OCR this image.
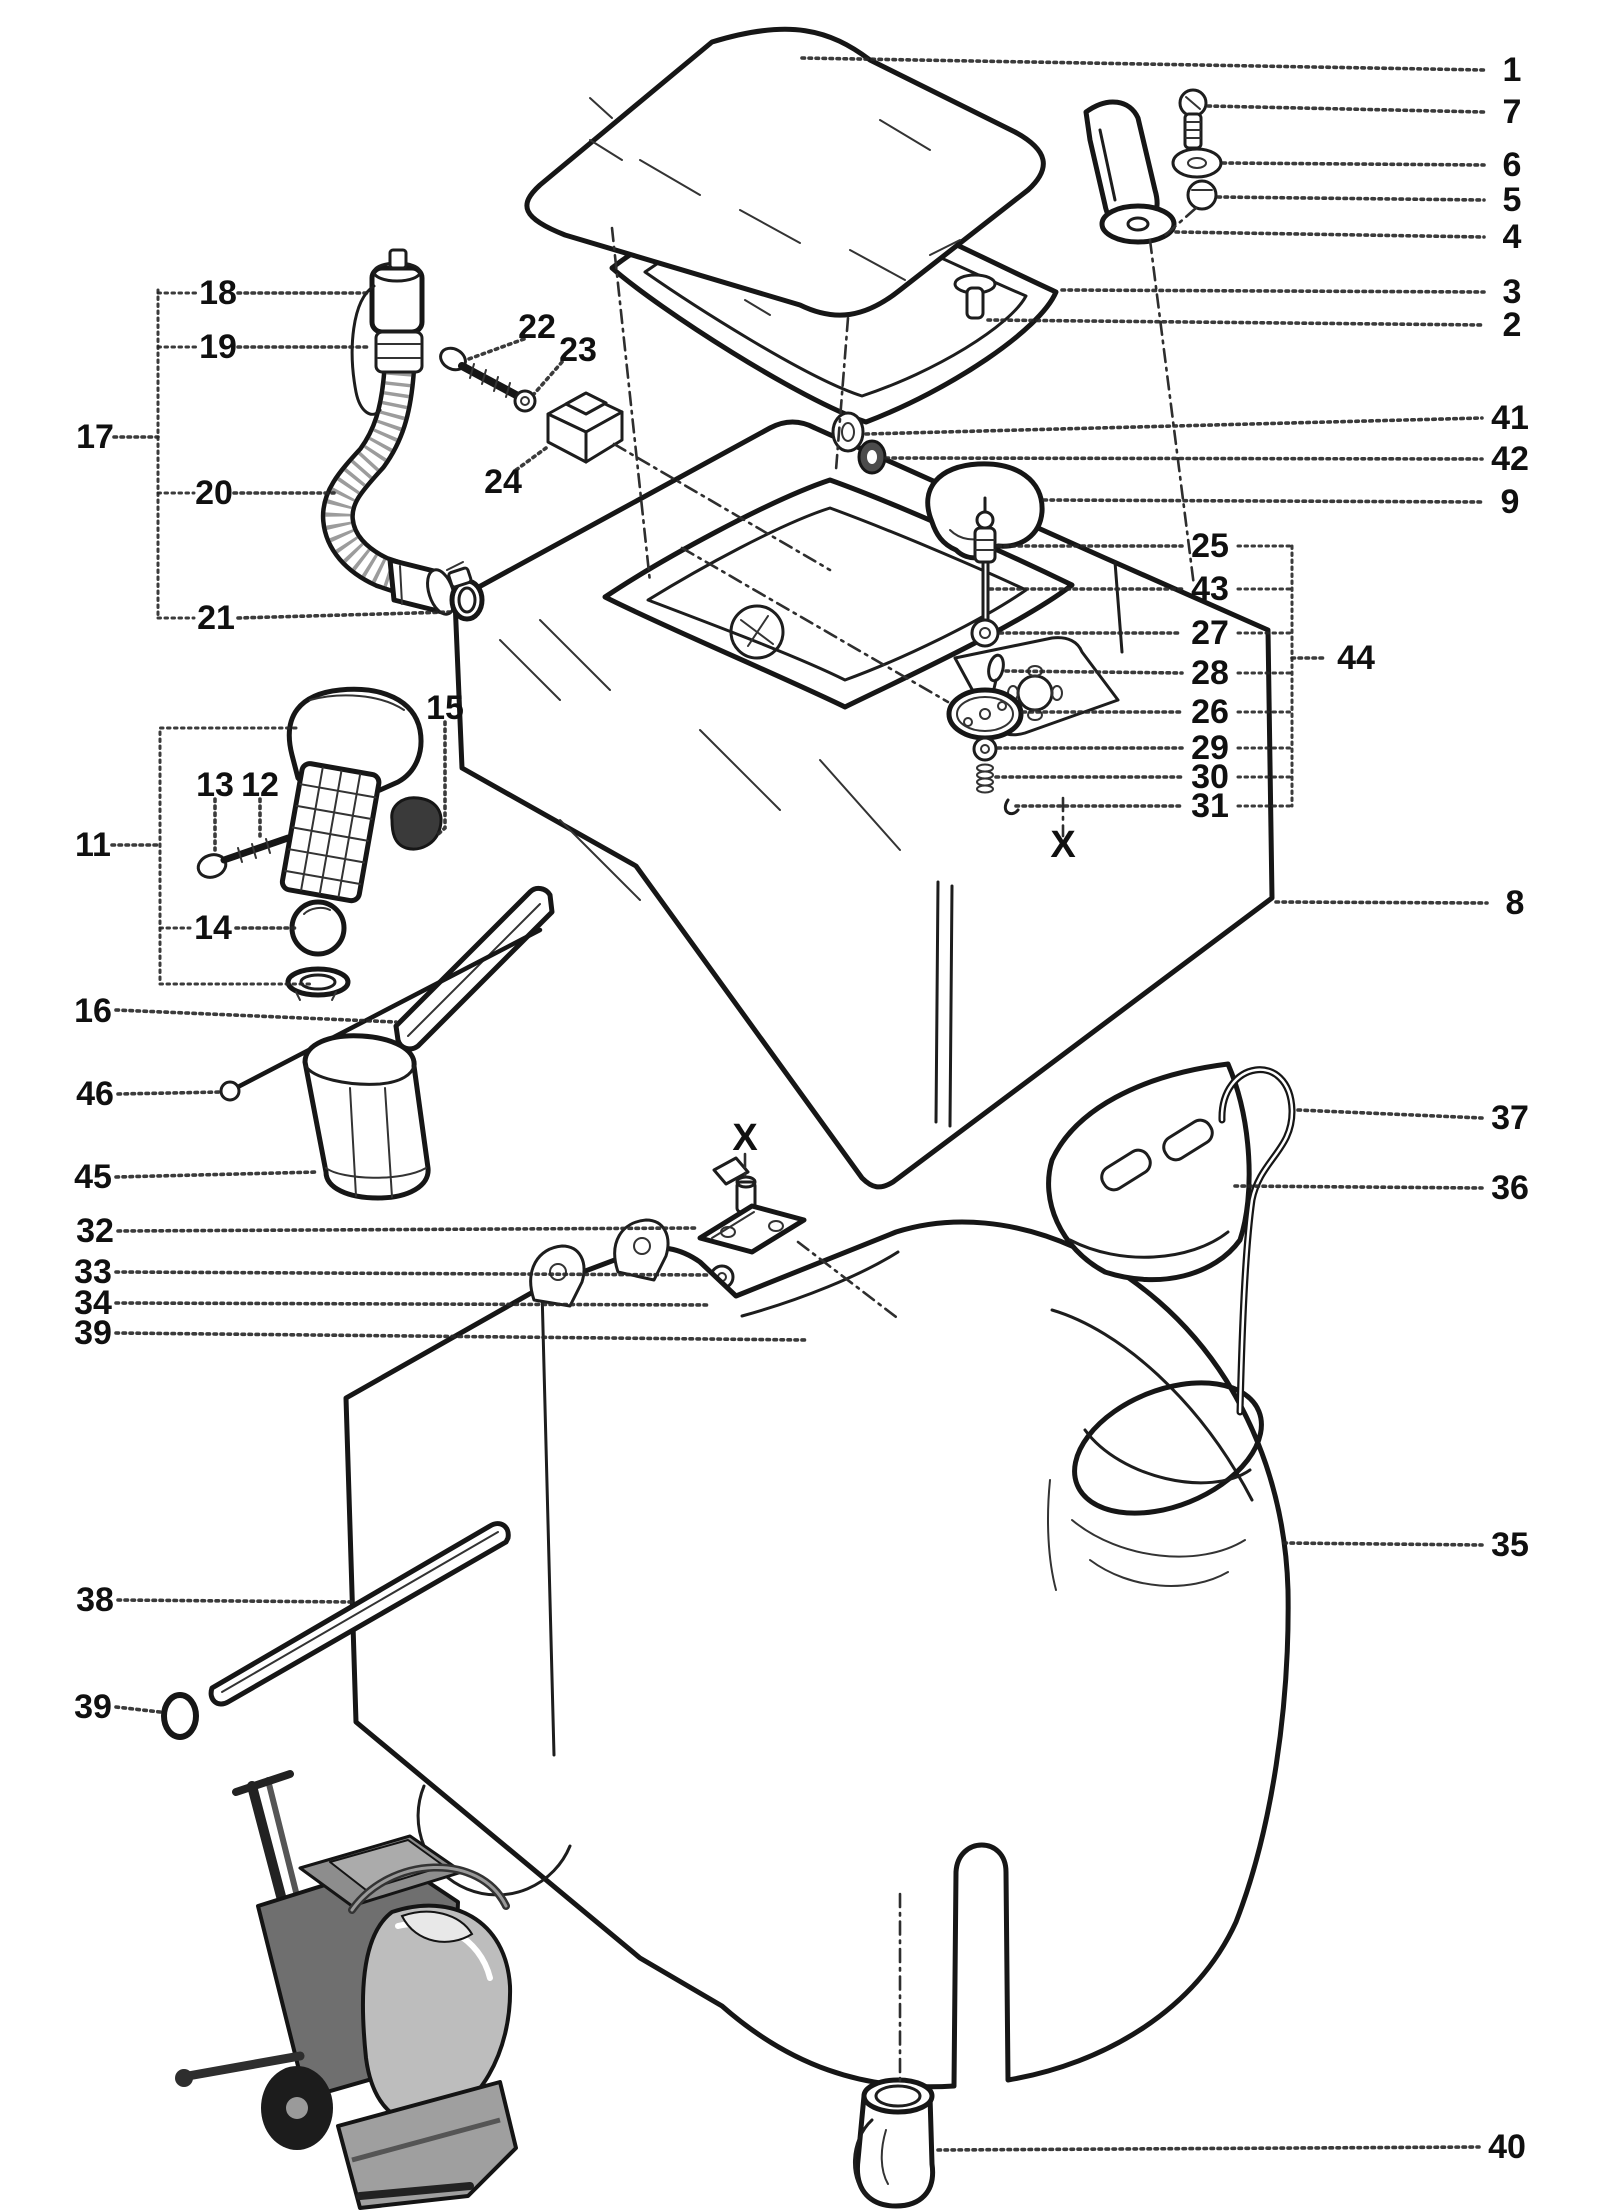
1
7
6
5
4
3
2
41
42
9
8
25
43
27
28
26
29
30
31
44
37
36
35
40
17
18
19
20
21
22
23
24
11
13 12
15
14
16
46
45
32
33
34
39
38
39
X
X
